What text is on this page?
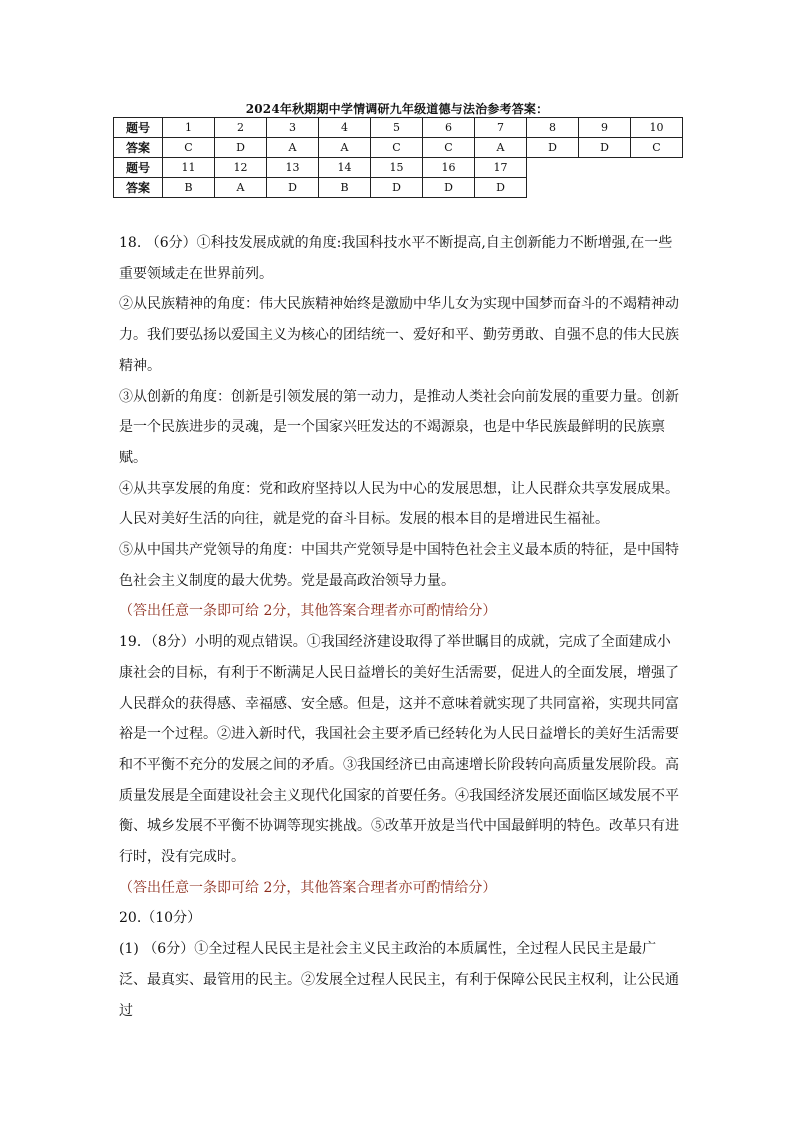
2024年秋期期中学情调研九年级道德与法治参考答案：
题号	1	2	3	4	5	6	7	8	9	10
答案	C	D	A	A	C	C	A	D	D	C
题号	11	12	13	14	15	16	17			
答案	B	A	D	B	D	D	D			

18. （6分）①科技发展成就的角度:我国科技水平不断提高,自主创新能力不断增强,在一些重要领域走在世界前列。

②从民族精神的角度：伟大民族精神始终是激励中华儿女为实现中国梦而奋斗的不竭精神动力。我们要弘扬以爱国主义为核心的团结统一、爱好和平、勤劳勇敢、自强不息的伟大民族精神。

③从创新的角度：创新是引领发展的第一动力，是推动人类社会向前发展的重要力量。创新是一个民族进步的灵魂，是一个国家兴旺发达的不竭源泉，也是中华民族最鲜明的民族禀赋。

④从共享发展的角度：党和政府坚持以人民为中心的发展思想，让人民群众共享发展成果。人民对美好生活的向往，就是党的奋斗目标。发展的根本目的是增进民生福祉。

⑤从中国共产党领导的角度：中国共产党领导是中国特色社会主义最本质的特征，是中国特色社会主义制度的最大优势。党是最高政治领导力量。

（答出任意一条即可给 2分，其他答案合理者亦可酌情给分）

19．（8分）小明的观点错误。①我国经济建设取得了举世瞩目的成就，完成了全面建成小康社会的目标，有利于不断满足人民日益增长的美好生活需要，促进人的全面发展，增强了人民群众的获得感、幸福感、安全感。但是，这并不意味着就实现了共同富裕，实现共同富裕是一个过程。②进入新时代，我国社会主要矛盾已经转化为人民日益增长的美好生活需要和不平衡不充分的发展之间的矛盾。③我国经济已由高速增长阶段转向高质量发展阶段。高质量发展是全面建设社会主义现代化国家的首要任务。④我国经济发展还面临区域发展不平衡、城乡发展不平衡不协调等现实挑战。⑤改革开放是当代中国最鲜明的特色。改革只有进行时，没有完成时。

（答出任意一条即可给 2分，其他答案合理者亦可酌情给分）

20.（10分）

(1) （6分）①全过程人民民主是社会主义民主政治的本质属性，全过程人民民主是最广泛、最真实、最管用的民主。②发展全过程人民民主，有利于保障公民民主权利，让公民通过
